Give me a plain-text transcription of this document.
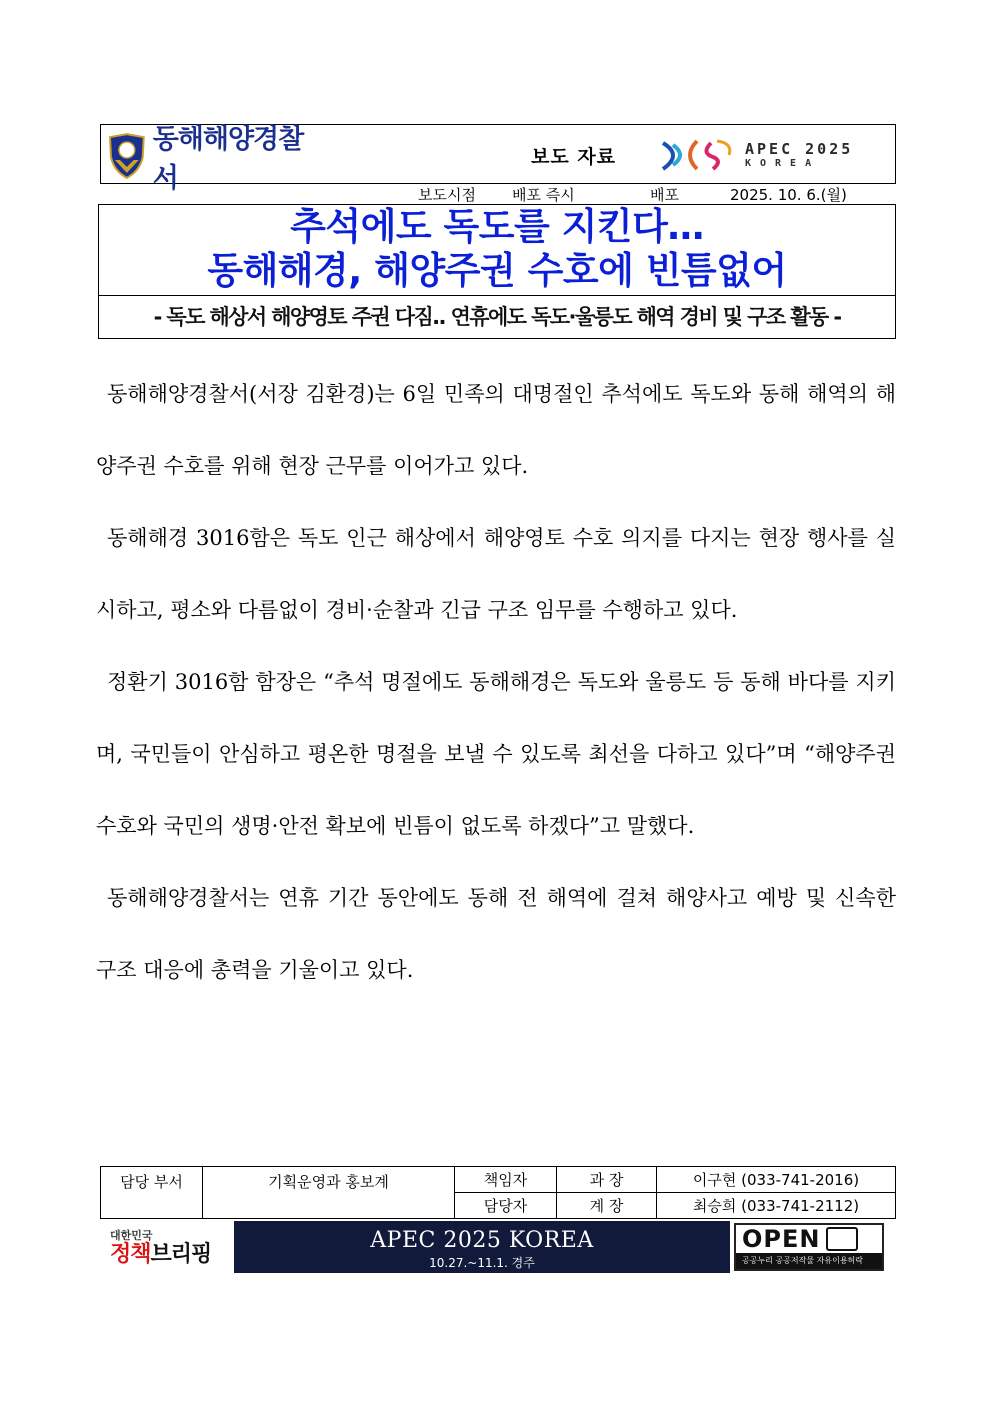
동해해양경찰서
보도 자료	APEC 2025
KOREA
보도시점 배포 즉시	배포	2025. 10. 6.(월)
추석에도 독도를 지킨다…
동해해경, 해양주권 수호에 빈틈없어
- 독도 해상서 해양영토 주권 다짐.. 연휴에도 독도·울릉도 해역 경비 및 구조 활동 -

동해해양경찰서(서장 김환경)는 6일 민족의 대명절인 추석에도 독도와 동해 해역의 해양주권 수호를 위해 현장 근무를 이어가고 있다.

동해해경 3016함은 독도 인근 해상에서 해양영토 수호 의지를 다지는 현장 행사를 실시하고, 평소와 다름없이 경비·순찰과 긴급 구조 임무를 수행하고 있다.

정환기 3016함 함장은 “추석 명절에도 동해해경은 독도와 울릉도 등 동해 바다를 지키며, 국민들이 안심하고 평온한 명절을 보낼 수 있도록 최선을 다하고 있다”며 “해양주권 수호와 국민의 생명·안전 확보에 빈틈이 없도록 하겠다”고 말했다.

동해해양경찰서는 연휴 기간 동안에도 동해 전 해역에 걸쳐 해양사고 예방 및 신속한 구조 대응에 총력을 기울이고 있다.

담당 부서	기획운영과 홍보계	책임자	과 장	이구현 (033-741-2016)
		담당자	계 장	최승희 (033-741-2112)
대한민국
정책브리핑
APEC 2025 KOREA
10.27.~11.1. 경주
OPEN
공공누리 공공저작물 자유이용허락
